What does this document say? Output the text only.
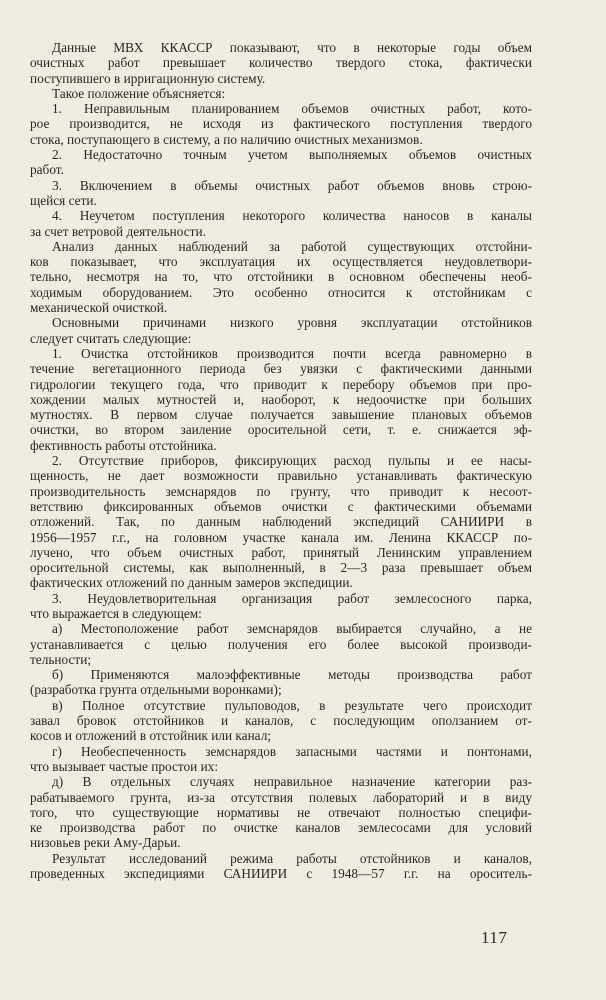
Данные МВХ ККАССР показывают, что в некоторые годы объем
очистных работ превышает количество твердого стока, фактически
поступившего в ирригационную систему.
Такое положение объясняется:
1. Неправильным планированием объемов очистных работ, кото-
рое производится, не исходя из фактического поступления твердого
стока, поступающего в систему, а по наличию очистных механизмов.
2. Недостаточно точным учетом выполняемых объемов очистных
работ.
3. Включением в объемы очистных работ объемов вновь строю-
щейся сети.
4. Неучетом поступления некоторого количества наносов в каналы
за счет ветровой деятельности.
Анализ данных наблюдений за работой существующих отстойни-
ков показывает, что эксплуатация их осуществляется неудовлетвори-
тельно, несмотря на то, что отстойники в основном обеспечены необ-
ходимым оборудованием. Это особенно относится к отстойникам с
механической очисткой.
Основными причинами низкого уровня эксплуатации отстойников
следует считать следующие:
1. Очистка отстойников производится почти всегда равномерно в
течение вегетационного периода без увязки с фактическими данными
гидрологии текущего года, что приводит к перебору объемов при про-
хождении малых мутностей и, наоборот, к недоочистке при больших
мутностях. В первом случае получается завышение плановых объемов
очистки, во втором заиление оросительной сети, т. е. снижается эф-
фективность работы отстойника.
2. Отсутствие приборов, фиксирующих расход пульпы и ее насы-
щенность, не дает возможности правильно устанавливать фактическую
производительность земснарядов по грунту, что приводит к несоот-
ветствию фиксированных объемов очистки с фактическими объемами
отложений. Так, по данным наблюдений экспедиций САНИИРИ в
1956—1957 г.г., на головном участке канала им. Ленина ККАССР по-
лучено, что объем очистных работ, принятый Ленинским управлением
оросительной системы, как выполненный, в 2—3 раза превышает объем
фактических отложений по данным замеров экспедиции.
3. Неудовлетворительная организация работ землесосного парка,
что выражается в следующем:
а) Местоположение работ земснарядов выбирается случайно, а не
устанавливается с целью получения его более высокой производи-
тельности;
б) Применяются малоэффективные методы производства работ
(разработка грунта отдельными воронками);
в) Полное отсутствие пульповодов, в результате чего происходит
завал бровок отстойников и каналов, с последующим оползанием от-
косов и отложений в отстойник или канал;
г) Необеспеченность земснарядов запасными частями и понтонами,
что вызывает частые простои их:
д) В отдельных случаях неправильное назначение категории раз-
рабатываемого грунта, из-за отсутствия полевых лабораторий и в виду
того, что существующие нормативы не отвечают полностью специфи-
ке производства работ по очистке каналов землесосами для условий
низовьев реки Аму-Дарьи.
Результат исследований режима работы отстойников и каналов,
проведенных экспедициями САНИИРИ с 1948—57 г.г. на ороситель-
117
